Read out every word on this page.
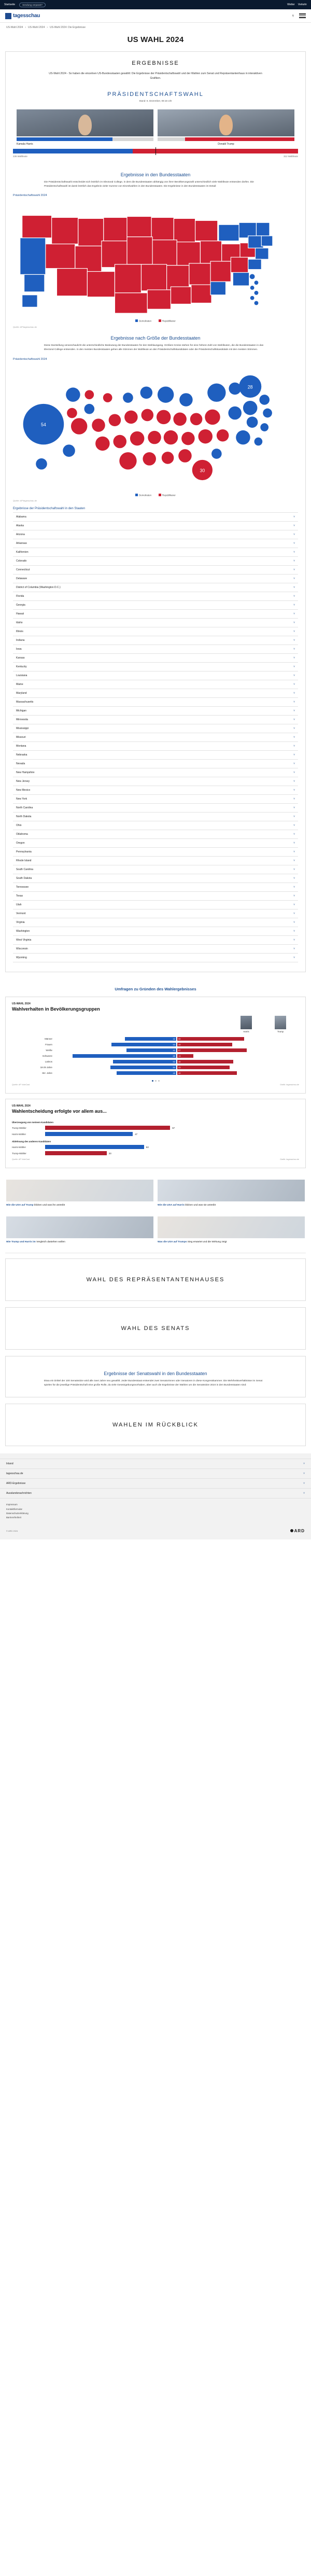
Startseite	Sendung verpasst?	Wetter Verkehr
tagesschau	⚲
US-Wahl 2024 › US-Wahl 2024 › US-Wahl 2024: Die Ergebnisse
US WAHL 2024
ERGEBNISSE
US-Wahl 2024 - So haben die einzelnen US-Bundesstaaten gewählt: Die Ergebnisse der Präsidentschaftswahl und der Wahlen zum Senat und Repräsentantenhaus in interaktiven Grafiken.
PRÄSIDENTSCHAFTSWAHL
Stand: 6. Dezember, 08:15 Uhr
Kamala Harris	Donald Trump
226 Wahlleute	312 Wahlleute
Ergebnisse in den Bundesstaaten
Die Präsidentschaftswahl entscheidet sich letztlich im Electoral College, in dem die Bundesstaaten abhängig von ihrer Bevölkerungszahl unterschiedlich viele Wahlleute entsenden dürfen. Die Präsidentschaftswahl ist damit letztlich das Ergebnis vieler Summe von Einzelwahlen in den Bundesstaaten. Die Ergebnisse in den Bundesstaaten im Detail:
Präsidentschaftswahl 2024
Demokraten	Republikaner
Quelle: AP/tagesschau.de
Ergebnisse nach Größe der Bundesstaaten
Diese Darstellung veranschaulicht die unterschiedliche Bedeutung der Bundesstaaten für den Wahlausgang. Größere Kreise stehen für eine höhere Zahl von Wahlleuten, die die Bundesstaaten in das Electoral College entsenden. In den meisten Bundesstaaten gehen alle Stimmen der Wahlleute an den Präsidentschaftskandidaten oder die Präsidentschaftskandidatin mit den meisten Stimmen.
Präsidentschaftswahl 2024
54
30
28
Demokraten	Republikaner
Quelle: AP/tagesschau.de
Ergebnisse der Präsidentschaftswahl in den Staaten
Alabama	˅
Alaska	˅
Arizona	˅
Arkansas	˅
Kalifornien	˅
Colorado	˅
Connecticut	˅
Delaware	˅
District of Columbia (Washington D.C.)	˅
Florida	˅
Georgia	˅
Hawaii	˅
Idaho	˅
Illinois	˅
Indiana	˅
Iowa	˅
Kansas	˅
Kentucky	˅
Louisiana	˅
Maine	˅
Maryland	˅
Massachusetts	˅
Michigan	˅
Minnesota	˅
Mississippi	˅
Missouri	˅
Montana	˅
Nebraska	˅
Nevada	˅
New Hampshire	˅
New Jersey	˅
New Mexico	˅
New York	˅
North Carolina	˅
North Dakota	˅
Ohio	˅
Oklahoma	˅
Oregon	˅
Pennsylvania	˅
Rhode Island	˅
South Carolina	˅
South Dakota	˅
Tennessee	˅
Texas	˅
Utah	˅
Vermont	˅
Virginia	˅
Washington	˅
West Virginia	˅
Wisconsin	˅
Wyoming	˅
Umfragen zu Gründen des Wahlergebnisses
US-WAHL 2024
Wahlverhalten in Bevölkerungsgruppen
Harris	Trump
Männer	42	55
Frauen	53	45
Weiße	41	57
Schwarze	85	13
Latinos	52	46
18-29 Jahre	54	43
65+ Jahre	49	49
Quelle: AP VoteCast	Grafik: tagesschau.de
US-WAHL 2024
Wahlentscheidung erfolgte vor allem aus...
Überzeugung von meinem Kandidaten
Trump-Wähler	67
Harris-Wähler	47
Ablehnung des anderen Kandidaten
Harris-Wähler	53
Trump-Wähler	33
Quelle: AP VoteCast	Grafik: tagesschau.de
Wie die USA auf Trump blicken und was ihn antreibt	Wie die USA auf Harris blicken und was sie antreibt
Wie Trump und Harris im Vergleich dastehen wollen	Was die USA auf Trumps Sieg erwartet und die Wirkung zeigt
WAHL DES REPRÄSENTANTENHAUSES
WAHL DES SENATS
Ergebnisse der Senatswahl in den Bundesstaaten
Etwa ein Drittel der 100 Senatssitze wird alle zwei Jahre neu gewählt. Jeder Bundesstaat entsendet zwei Senatorinnen oder Senatoren in diese Kongresskammer. Die Mehrheitsverhältnisse im Senat spielen für die jeweilige Präsidentschaft eine große Rolle, da viele Gesetzgebungsvorhaben, aber auch die Ergebnisse der Wahlen um die Senatssitze 2024 in den Bundesstaaten sind:
WAHLEN IM RÜCKBLICK
Inland	˅
tagesschau.de	˅
ARD-Ergebnisse	˅
Ausslandsnachrichten	˅
Impressum
Kontaktformular
Datenschutzerklärung
Barrierefreiheit
© ARD 2024	ARD
